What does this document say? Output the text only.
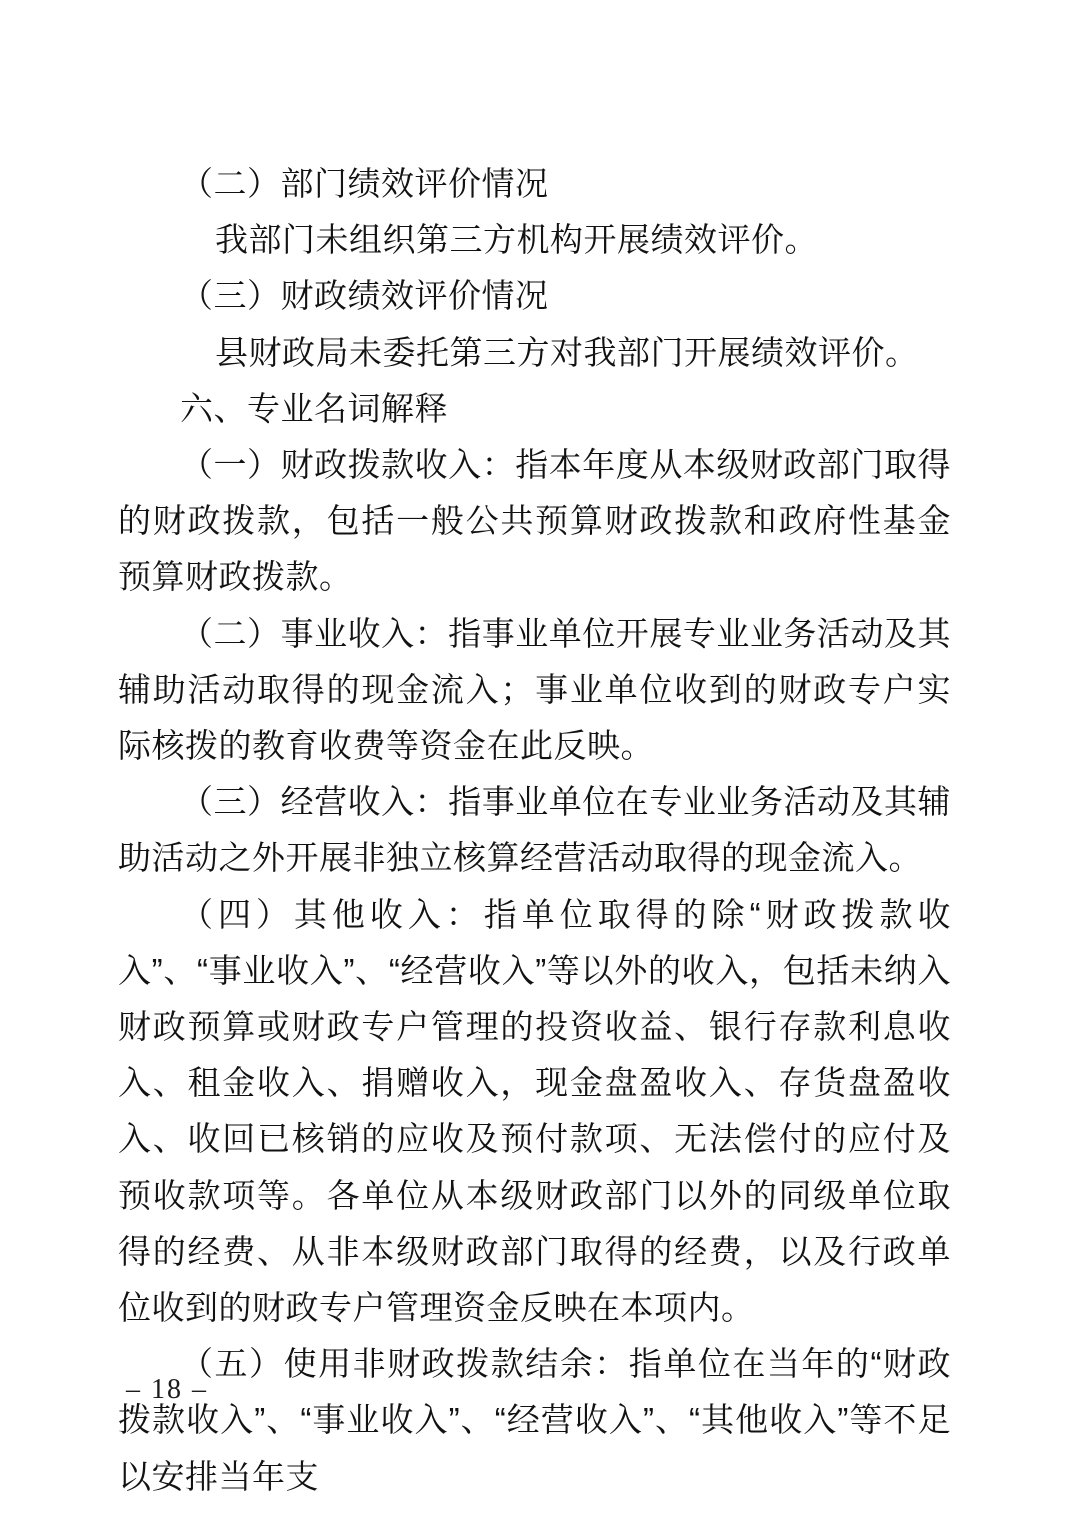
（二）部门绩效评价情况

我部门未组织第三方机构开展绩效评价。

（三）财政绩效评价情况

县财政局未委托第三方对我部门开展绩效评价。

六、专业名词解释

（一）财政拨款收入：指本年度从本级财政部门取得的财政拨款，包括一般公共预算财政拨款和政府性基金预算财政拨款。

（二）事业收入：指事业单位开展专业业务活动及其辅助活动取得的现金流入；事业单位收到的财政专户实际核拨的教育收费等资金在此反映。

（三）经营收入：指事业单位在专业业务活动及其辅助活动之外开展非独立核算经营活动取得的现金流入。

（四）其他收入：指单位取得的除“财政拨款收入”、“事业收入”、“经营收入”等以外的收入，包括未纳入财政预算或财政专户管理的投资收益、银行存款利息收入、租金收入、捐赠收入，现金盘盈收入、存货盘盈收入、收回已核销的应收及预付款项、无法偿付的应付及预收款项等。各单位从本级财政部门以外的同级单位取得的经费、从非本级财政部门取得的经费，以及行政单位收到的财政专户管理资金反映在本项内。

（五）使用非财政拨款结余：指单位在当年的“财政拨款收入”、“事业收入”、“经营收入”、“其他收入”等不足以安排当年支

– 18 –
